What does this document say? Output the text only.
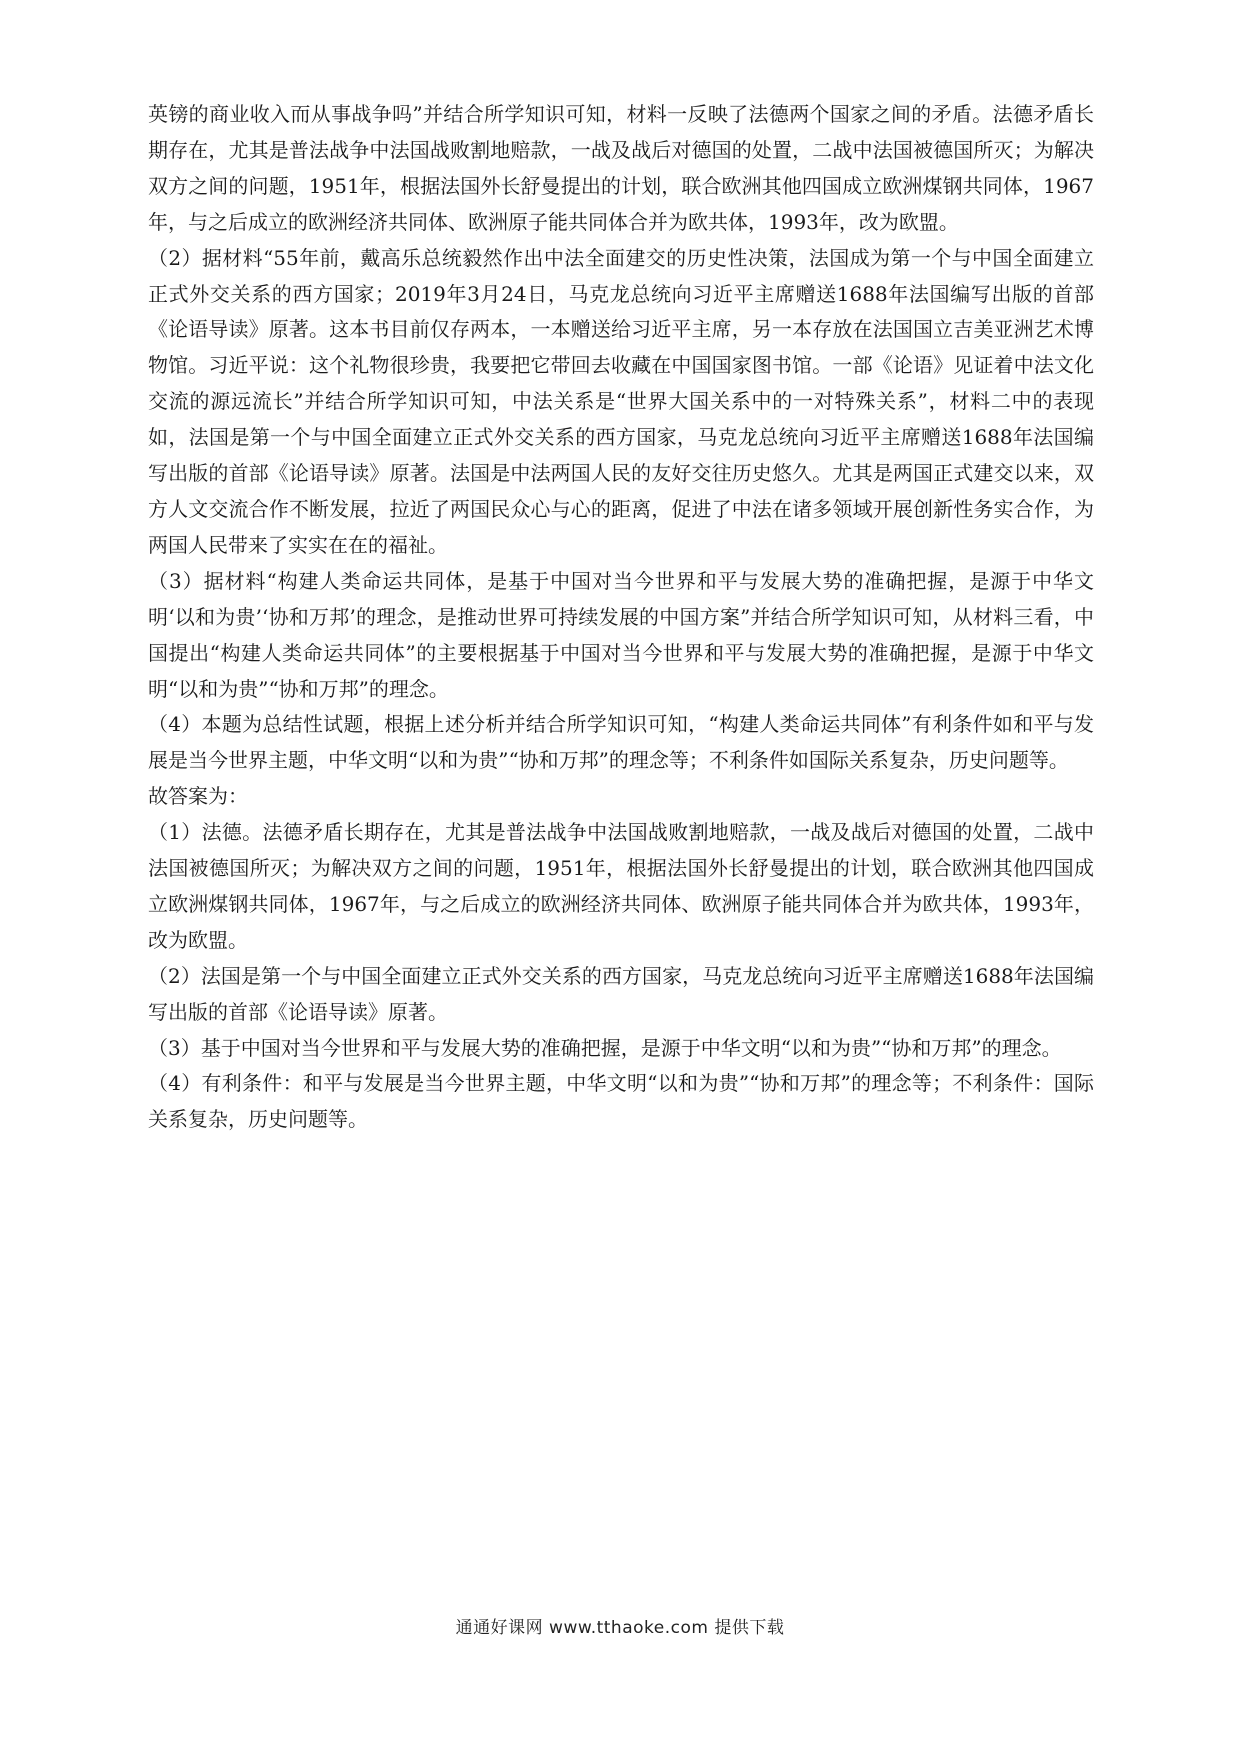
英镑的商业收入而从事战争吗”并结合所学知识可知，材料一反映了法德两个国家之间的矛盾。法德矛盾长期存在，尤其是普法战争中法国战败割地赔款，一战及战后对德国的处置，二战中法国被德国所灭；为解决双方之间的问题，1951年，根据法国外长舒曼提出的计划，联合欧洲其他四国成立欧洲煤钢共同体，1967年，与之后成立的欧洲经济共同体、欧洲原子能共同体合并为欧共体，1993年，改为欧盟。

（2）据材料“55年前，戴高乐总统毅然作出中法全面建交的历史性决策，法国成为第一个与中国全面建立正式外交关系的西方国家；2019年3月24日，马克龙总统向习近平主席赠送1688年法国编写出版的首部《论语导读》原著。这本书目前仅存两本，一本赠送给习近平主席，另一本存放在法国国立吉美亚洲艺术博物馆。习近平说：这个礼物很珍贵，我要把它带回去收藏在中国国家图书馆。一部《论语》见证着中法文化交流的源远流长”并结合所学知识可知，中法关系是“世界大国关系中的一对特殊关系”，材料二中的表现如，法国是第一个与中国全面建立正式外交关系的西方国家，马克龙总统向习近平主席赠送1688年法国编写出版的首部《论语导读》原著。法国是中法两国人民的友好交往历史悠久。尤其是两国正式建交以来，双方人文交流合作不断发展，拉近了两国民众心与心的距离，促进了中法在诸多领域开展创新性务实合作，为两国人民带来了实实在在的福祉。

（3）据材料“构建人类命运共同体，是基于中国对当今世界和平与发展大势的准确把握，是源于中华文明‘以和为贵’‘协和万邦’的理念，是推动世界可持续发展的中国方案”并结合所学知识可知，从材料三看，中国提出“构建人类命运共同体”的主要根据基于中国对当今世界和平与发展大势的准确把握，是源于中华文明“以和为贵”“协和万邦”的理念。

（4）本题为总结性试题，根据上述分析并结合所学知识可知，“构建人类命运共同体”有利条件如和平与发展是当今世界主题，中华文明“以和为贵”“协和万邦”的理念等；不利条件如国际关系复杂，历史问题等。

故答案为：

（1）法德。法德矛盾长期存在，尤其是普法战争中法国战败割地赔款，一战及战后对德国的处置，二战中法国被德国所灭；为解决双方之间的问题，1951年，根据法国外长舒曼提出的计划，联合欧洲其他四国成立欧洲煤钢共同体，1967年，与之后成立的欧洲经济共同体、欧洲原子能共同体合并为欧共体，1993年，改为欧盟。

（2）法国是第一个与中国全面建立正式外交关系的西方国家，马克龙总统向习近平主席赠送1688年法国编写出版的首部《论语导读》原著。

（3）基于中国对当今世界和平与发展大势的准确把握，是源于中华文明“以和为贵”“协和万邦”的理念。

（4）有利条件：和平与发展是当今世界主题，中华文明“以和为贵”“协和万邦”的理念等；不利条件：国际关系复杂，历史问题等。

通通好课网 www.tthaoke.com 提供下载
